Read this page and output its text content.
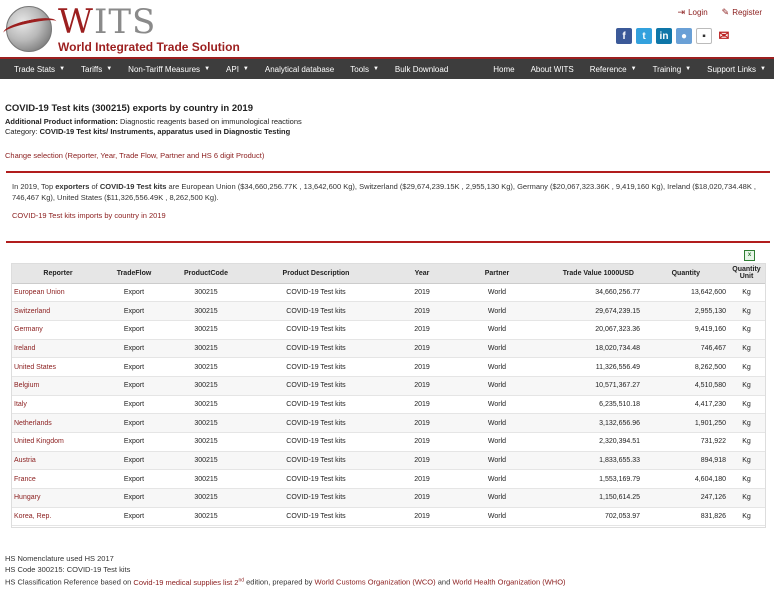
WITS
World Integrated Trade Solution
⇥ Login ✎ Register
f	t	in	●	▪ ✉
Trade Stats ▼ Tariffs ▼ Non-Tariff Measures ▼ API ▼ Analytical database Tools ▼ Bulk Download	Home About WITS Reference ▼ Training ▼ Support Links ▼
COVID-19 Test kits (300215) exports by country in 2019
Additional Product information: Diagnostic reagents based on immunological reactions
Category: COVID-19 Test kits/ Instruments, apparatus used in Diagnostic Testing
Change selection (Reporter, Year, Trade Flow, Partner and HS 6 digit Product)
In 2019, Top exporters of COVID-19 Test kits are European Union ($34,660,256.77K , 13,642,600 Kg), Switzerland ($29,674,239.15K , 2,955,130 Kg), Germany ($20,067,323.36K , 9,419,160 Kg), Ireland ($18,020,734.48K , 746,467 Kg), United States ($11,326,556.49K , 8,262,500 Kg).
COVID-19 Test kits imports by country in 2019
x
Reporter	TradeFlow	ProductCode	Product Description	Year	Partner	Trade Value 1000USD	Quantity	Quantity Unit
European Union	Export	300215	COVID-19 Test kits	2019	World	34,660,256.77	13,642,600	Kg
Switzerland	Export	300215	COVID-19 Test kits	2019	World	29,674,239.15	2,955,130	Kg
Germany	Export	300215	COVID-19 Test kits	2019	World	20,067,323.36	9,419,160	Kg
Ireland	Export	300215	COVID-19 Test kits	2019	World	18,020,734.48	746,467	Kg
United States	Export	300215	COVID-19 Test kits	2019	World	11,326,556.49	8,262,500	Kg
Belgium	Export	300215	COVID-19 Test kits	2019	World	10,571,367.27	4,510,580	Kg
Italy	Export	300215	COVID-19 Test kits	2019	World	6,235,510.18	4,417,230	Kg
Netherlands	Export	300215	COVID-19 Test kits	2019	World	3,132,656.96	1,901,250	Kg
United Kingdom	Export	300215	COVID-19 Test kits	2019	World	2,320,394.51	731,922	Kg
Austria	Export	300215	COVID-19 Test kits	2019	World	1,833,655.33	894,918	Kg
France	Export	300215	COVID-19 Test kits	2019	World	1,553,169.79	4,604,180	Kg
Hungary	Export	300215	COVID-19 Test kits	2019	World	1,150,614.25	247,126	Kg
Korea, Rep.	Export	300215	COVID-19 Test kits	2019	World	702,053.97	831,826	Kg
HS Nomenclature used HS 2017
HS Code 300215: COVID-19 Test kits
HS Classification Reference based on Covid-19 medical supplies list 2nd edition, prepared by World Customs Organization (WCO) and World Health Organization (WHO)
